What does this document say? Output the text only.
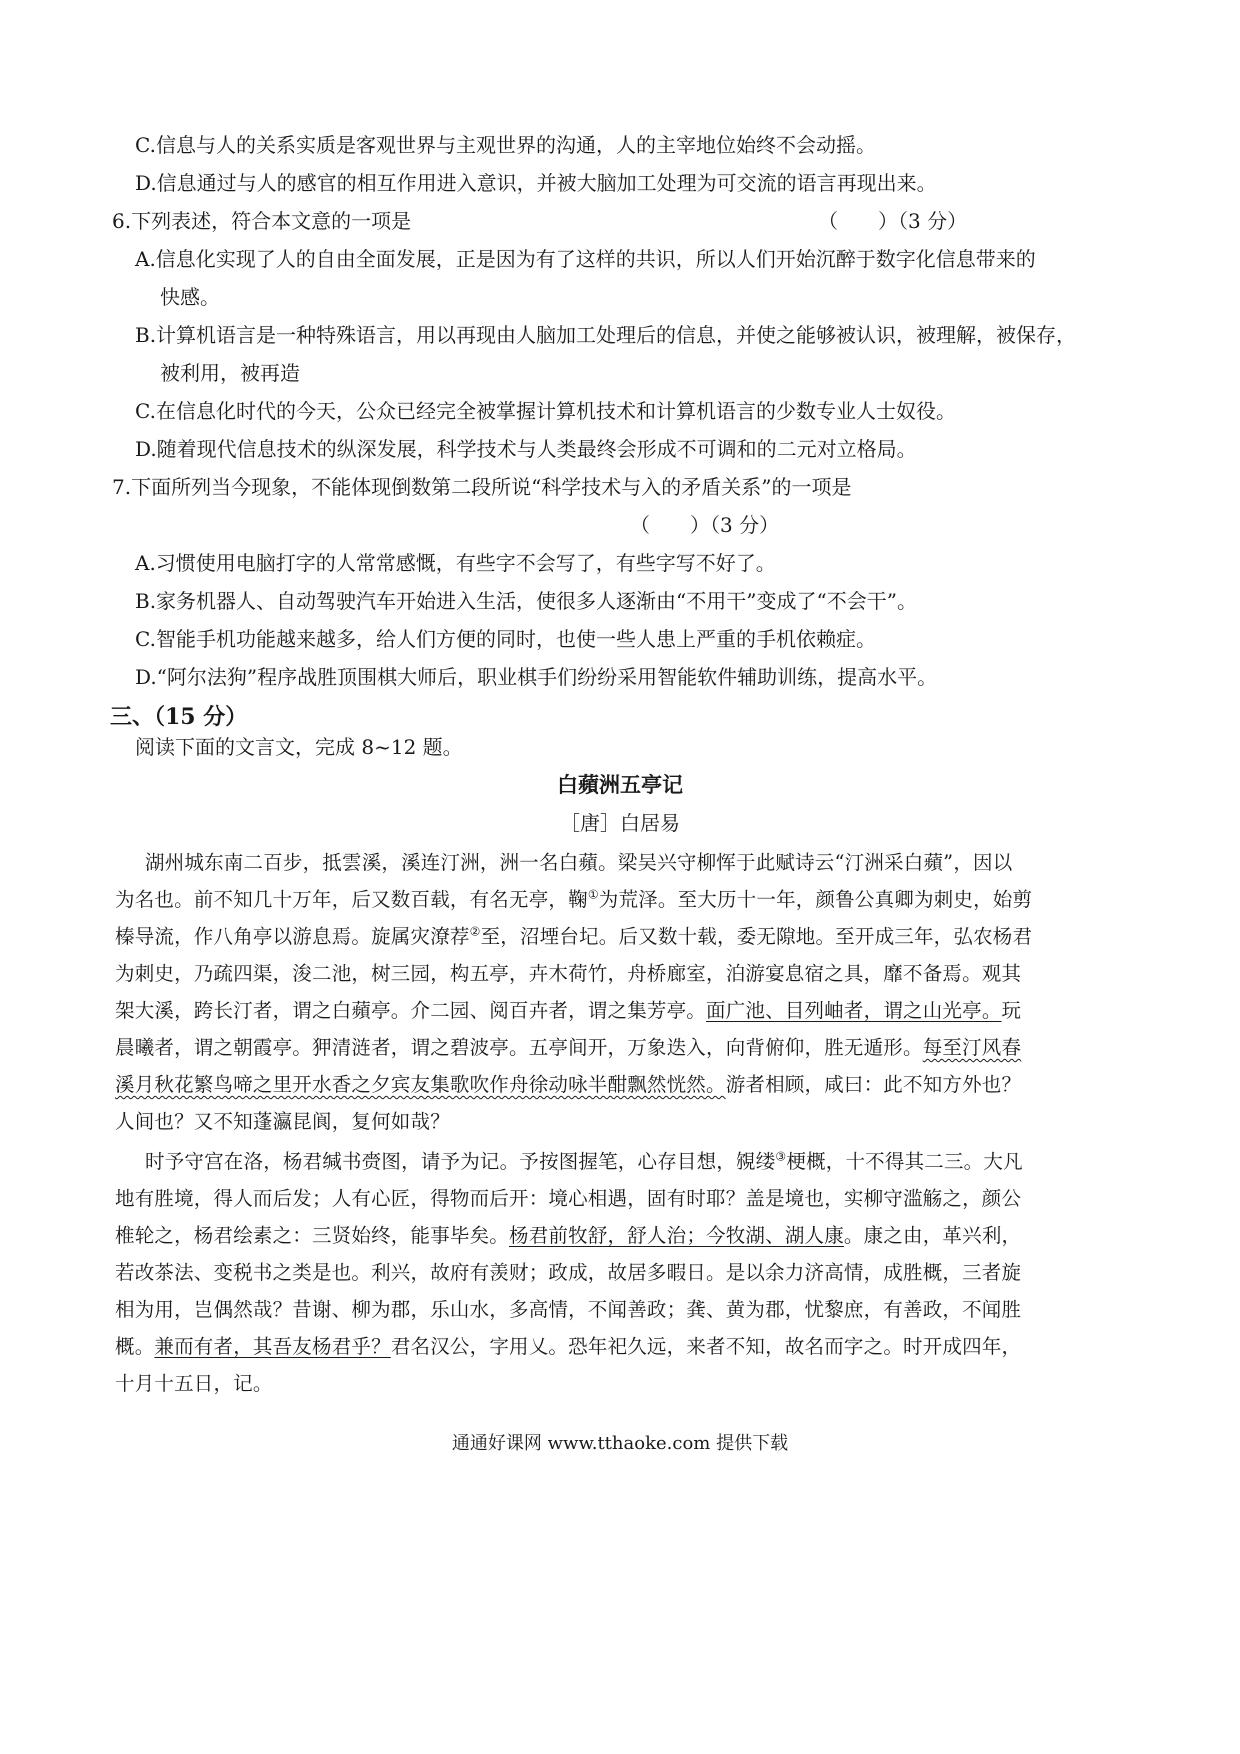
C.信息与人的关系实质是客观世界与主观世界的沟通，人的主宰地位始终不会动摇。
D.信息通过与人的感官的相互作用进入意识，并被大脑加工处理为可交流的语言再现出来。
6.下列表述，符合本文意的一项是	（　　）（3 分）
A.信息化实现了人的自由全面发展，正是因为有了这样的共识，所以人们开始沉醉于数字化信息带来的
快感。
B.计算机语言是一种特殊语言，用以再现由人脑加工处理后的信息，并使之能够被认识，被理解，被保存，
被利用，被再造
C.在信息化时代的今天，公众已经完全被掌握计算机技术和计算机语言的少数专业人士奴役。
D.随着现代信息技术的纵深发展，科学技术与人类最终会形成不可调和的二元对立格局。
7.下面所列当今现象，不能体现倒数第二段所说“科学技术与入的矛盾关系”的一项是
（　　）（3 分）
A.习惯使用电脑打字的人常常感慨，有些字不会写了，有些字写不好了。
B.家务机器人、自动驾驶汽车开始进入生活，使很多人逐渐由“不用干”变成了“不会干”。
C.智能手机功能越来越多，给人们方便的同时，也使一些人患上严重的手机依赖症。
D.“阿尔法狗”程序战胜顶围棋大师后，职业棋手们纷纷采用智能软件辅助训练，提高水平。
三、（15 分）
阅读下面的文言文，完成 8~12 题。
白蘋洲五亭记
［唐］白居易
湖州城东南二百步，抵雲溪，溪连汀洲，洲一名白蘋。梁吴兴守柳恽于此赋诗云“汀洲采白蘋”，因以
为名也。前不知几十万年，后又数百载，有名无亭，鞠①为荒泽。至大历十一年，颜鲁公真卿为刺史，始剪
榛导流，作八角亭以游息焉。旋属灾潦荐②至，沼堙台圮。后又数十载，委无隙地。至开成三年，弘农杨君
为刺史，乃疏四渠，浚二池，树三园，构五亭，卉木荷竹，舟桥廊室，泊游宴息宿之具，靡不备焉。观其
架大溪，跨长汀者，谓之白蘋亭。介二园、阅百卉者，谓之集芳亭。面广池、目列岫者，谓之山光亭。玩
晨曦者，谓之朝霞亭。狎清涟者，谓之碧波亭。五亭间开，万象迭入，向背俯仰，胜无遁形。每至汀风春
溪月秋花繁鸟啼之里开水香之夕宾友集歌吹作舟徐动咏半酣飘然恍然。游者相顾，咸曰：此不知方外也？
人间也？又不知蓬瀛昆阆，复何如哉？
时予守宫在洛，杨君缄书赍图，请予为记。予按图握笔，心存目想，覙缕③梗概，十不得其二三。大凡
地有胜境，得人而后发；人有心匠，得物而后开：境心相遇，固有时耶？盖是境也，实柳守滥觞之，颜公
椎轮之，杨君绘素之：三贤始终，能事毕矣。杨君前牧舒，舒人治；今牧湖、湖人康。康之由，革兴利，
若改茶法、变税书之类是也。利兴，故府有羡财；政成，故居多暇日。是以余力济高情，成胜概，三者旋
相为用，岂偶然哉？昔谢、柳为郡，乐山水，多高情，不闻善政；龚、黄为郡，忧黎庶，有善政，不闻胜
概。兼而有者，其吾友杨君乎？君名汉公，字用乂。恐年祀久远，来者不知，故名而字之。时开成四年，
十月十五日，记。
通通好课网 www.tthaoke.com 提供下载
